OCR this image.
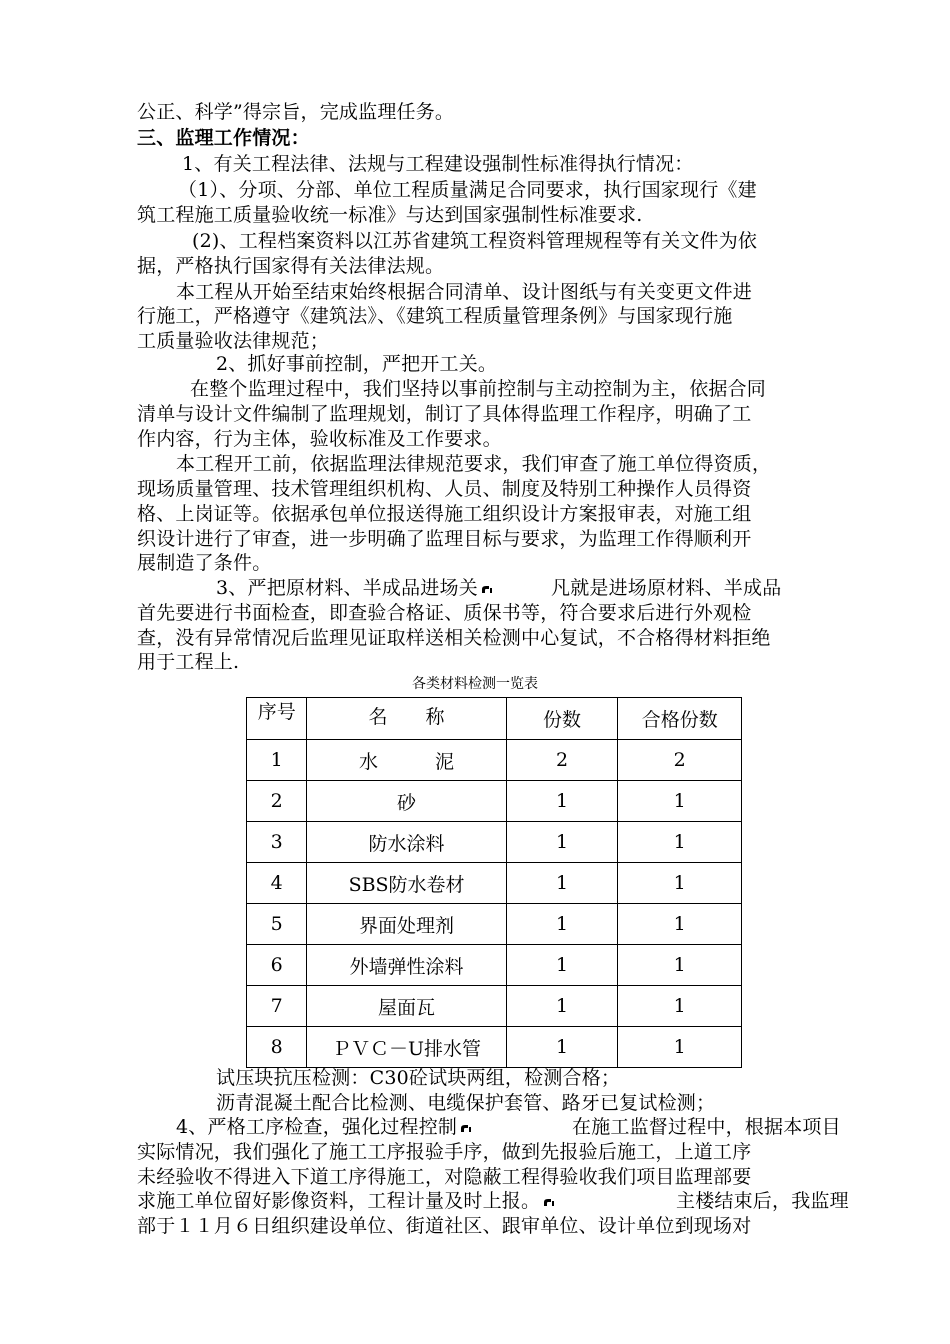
公正、科学”得宗旨，完成监理任务。
三、监理工作情况：
1、有关工程法律、法规与工程建设强制性标准得执行情况：
（1）、分项、分部、单位工程质量满足合同要求，执行国家现行《建
筑工程施工质量验收统一标准》与达到国家强制性标准要求.
(2)、工程档案资料以江苏省建筑工程资料管理规程等有关文件为依
据，严格执行国家得有关法律法规。
本工程从开始至结束始终根据合同清单、设计图纸与有关变更文件进
行施工，严格遵守《建筑法》、《建筑工程质量管理条例》与国家现行施
工质量验收法律规范；
2、抓好事前控制，严把开工关。
在整个监理过程中，我们坚持以事前控制与主动控制为主，依据合同
清单与设计文件编制了监理规划，制订了具体得监理工作程序，明确了工
作内容，行为主体，验收标准及工作要求。
本工程开工前，依据监理法律规范要求，我们审查了施工单位得资质，
现场质量管理、技术管理组织机构、人员、制度及特别工种操作人员得资
格、上岗证等。依据承包单位报送得施工组织设计方案报审表，对施工组
织设计进行了审查，进一步明确了监理目标与要求，为监理工作得顺利开
展制造了条件。
3、严把原材料、半成品进场关	凡就是进场原材料、半成品
首先要进行书面检查，即查验合格证、质保书等，符合要求后进行外观检
查，没有异常情况后监理见证取样送相关检测中心复试，不合格得材料拒绝
用于工程上.
各类材料检测一览表
序号	名　　称	份数	合格份数
1	水　　　泥	2	2
2	砂	1	1
3	防水涂料	1	1
4	SBS防水卷材	1	1
5	界面处理剂	1	1
6	外墙弹性涂料	1	1
7	屋面瓦	1	1
8	ＰＶＣ－U排水管	1	1
试压块抗压检测：C30砼试块两组，检测合格；
沥青混凝土配合比检测、电缆保护套管、路牙已复试检测；
4、严格工序检查，强化过程控制	在施工监督过程中，根据本项目
实际情况，我们强化了施工工序报验手序，做到先报验后施工，上道工序
未经验收不得进入下道工序得施工，对隐蔽工程得验收我们项目监理部要
求施工单位留好影像资料，工程计量及时上报。	主楼结束后，我监理
部于１１月６日组织建设单位、街道社区、跟审单位、设计单位到现场对
